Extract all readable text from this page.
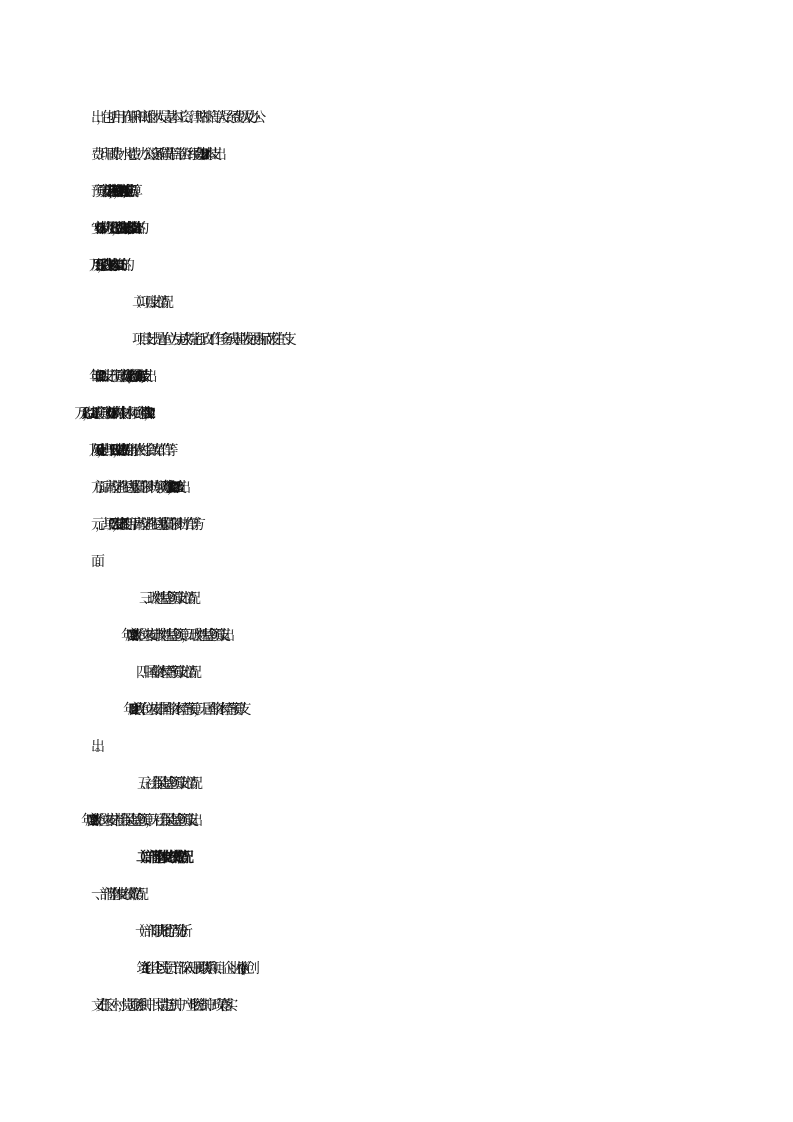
出，包括用于在职和离退休人员基本工资、津贴补贴等人员经费以及办公
费、印刷费、水电费、办公设备购置等日常公用经费。2023 年基本支出
预算安排(含上年结转)1419.97 万元，实际支出 1419.97 万元，完成预算
安排的 100%。人员经费支出 689.38 万元，占基本支出的 48.55%;日常公
用经费支出 730.59 万元，占基本支出的 51.45%。
（二）项目支出情况
项目支出是单位为完成特定行政工作任务或事业发展目标而发生的支
出。2023 年项目支出预算安排(含上年结转)431.81 万元，实际支出
431.81 万元，完成预算安排的 100%。其中:农林水项目经费，2023 年实
际支出 400 万元，占项目支出的 92.63%，主要用于农村综合改革工作等
方面。高校毕业生到基层任职补助专项资金，2023 年实际支出 31.81 万
元，占项目支出的 7.37%，主要用于高校毕业生到基层任职补助工作等方
面。
三、政府性基金预算支出情况
2023 年度我单位未安排政府性基金预算，无政府性基金预算支出。
四、国有资本经营预算支出情况
2023 年度我单位未安排国有资本经营预算，无国有资本经营预算支
出。
五、社会保险基金预算支出情况
2023 年度我单位未安排社会保险基金预算，无社会保险基金预算支出。
（二）部门整体支出绩效情况
一、部门整体支出绩效情况
（一）部门职责履行情况分析。
1.筑组织全县党员干部深入开展以“联系项目、企业、小(社)区、创
文责任区、村；党员联系到户、民情走访到户、产业联结到户、政策落实
